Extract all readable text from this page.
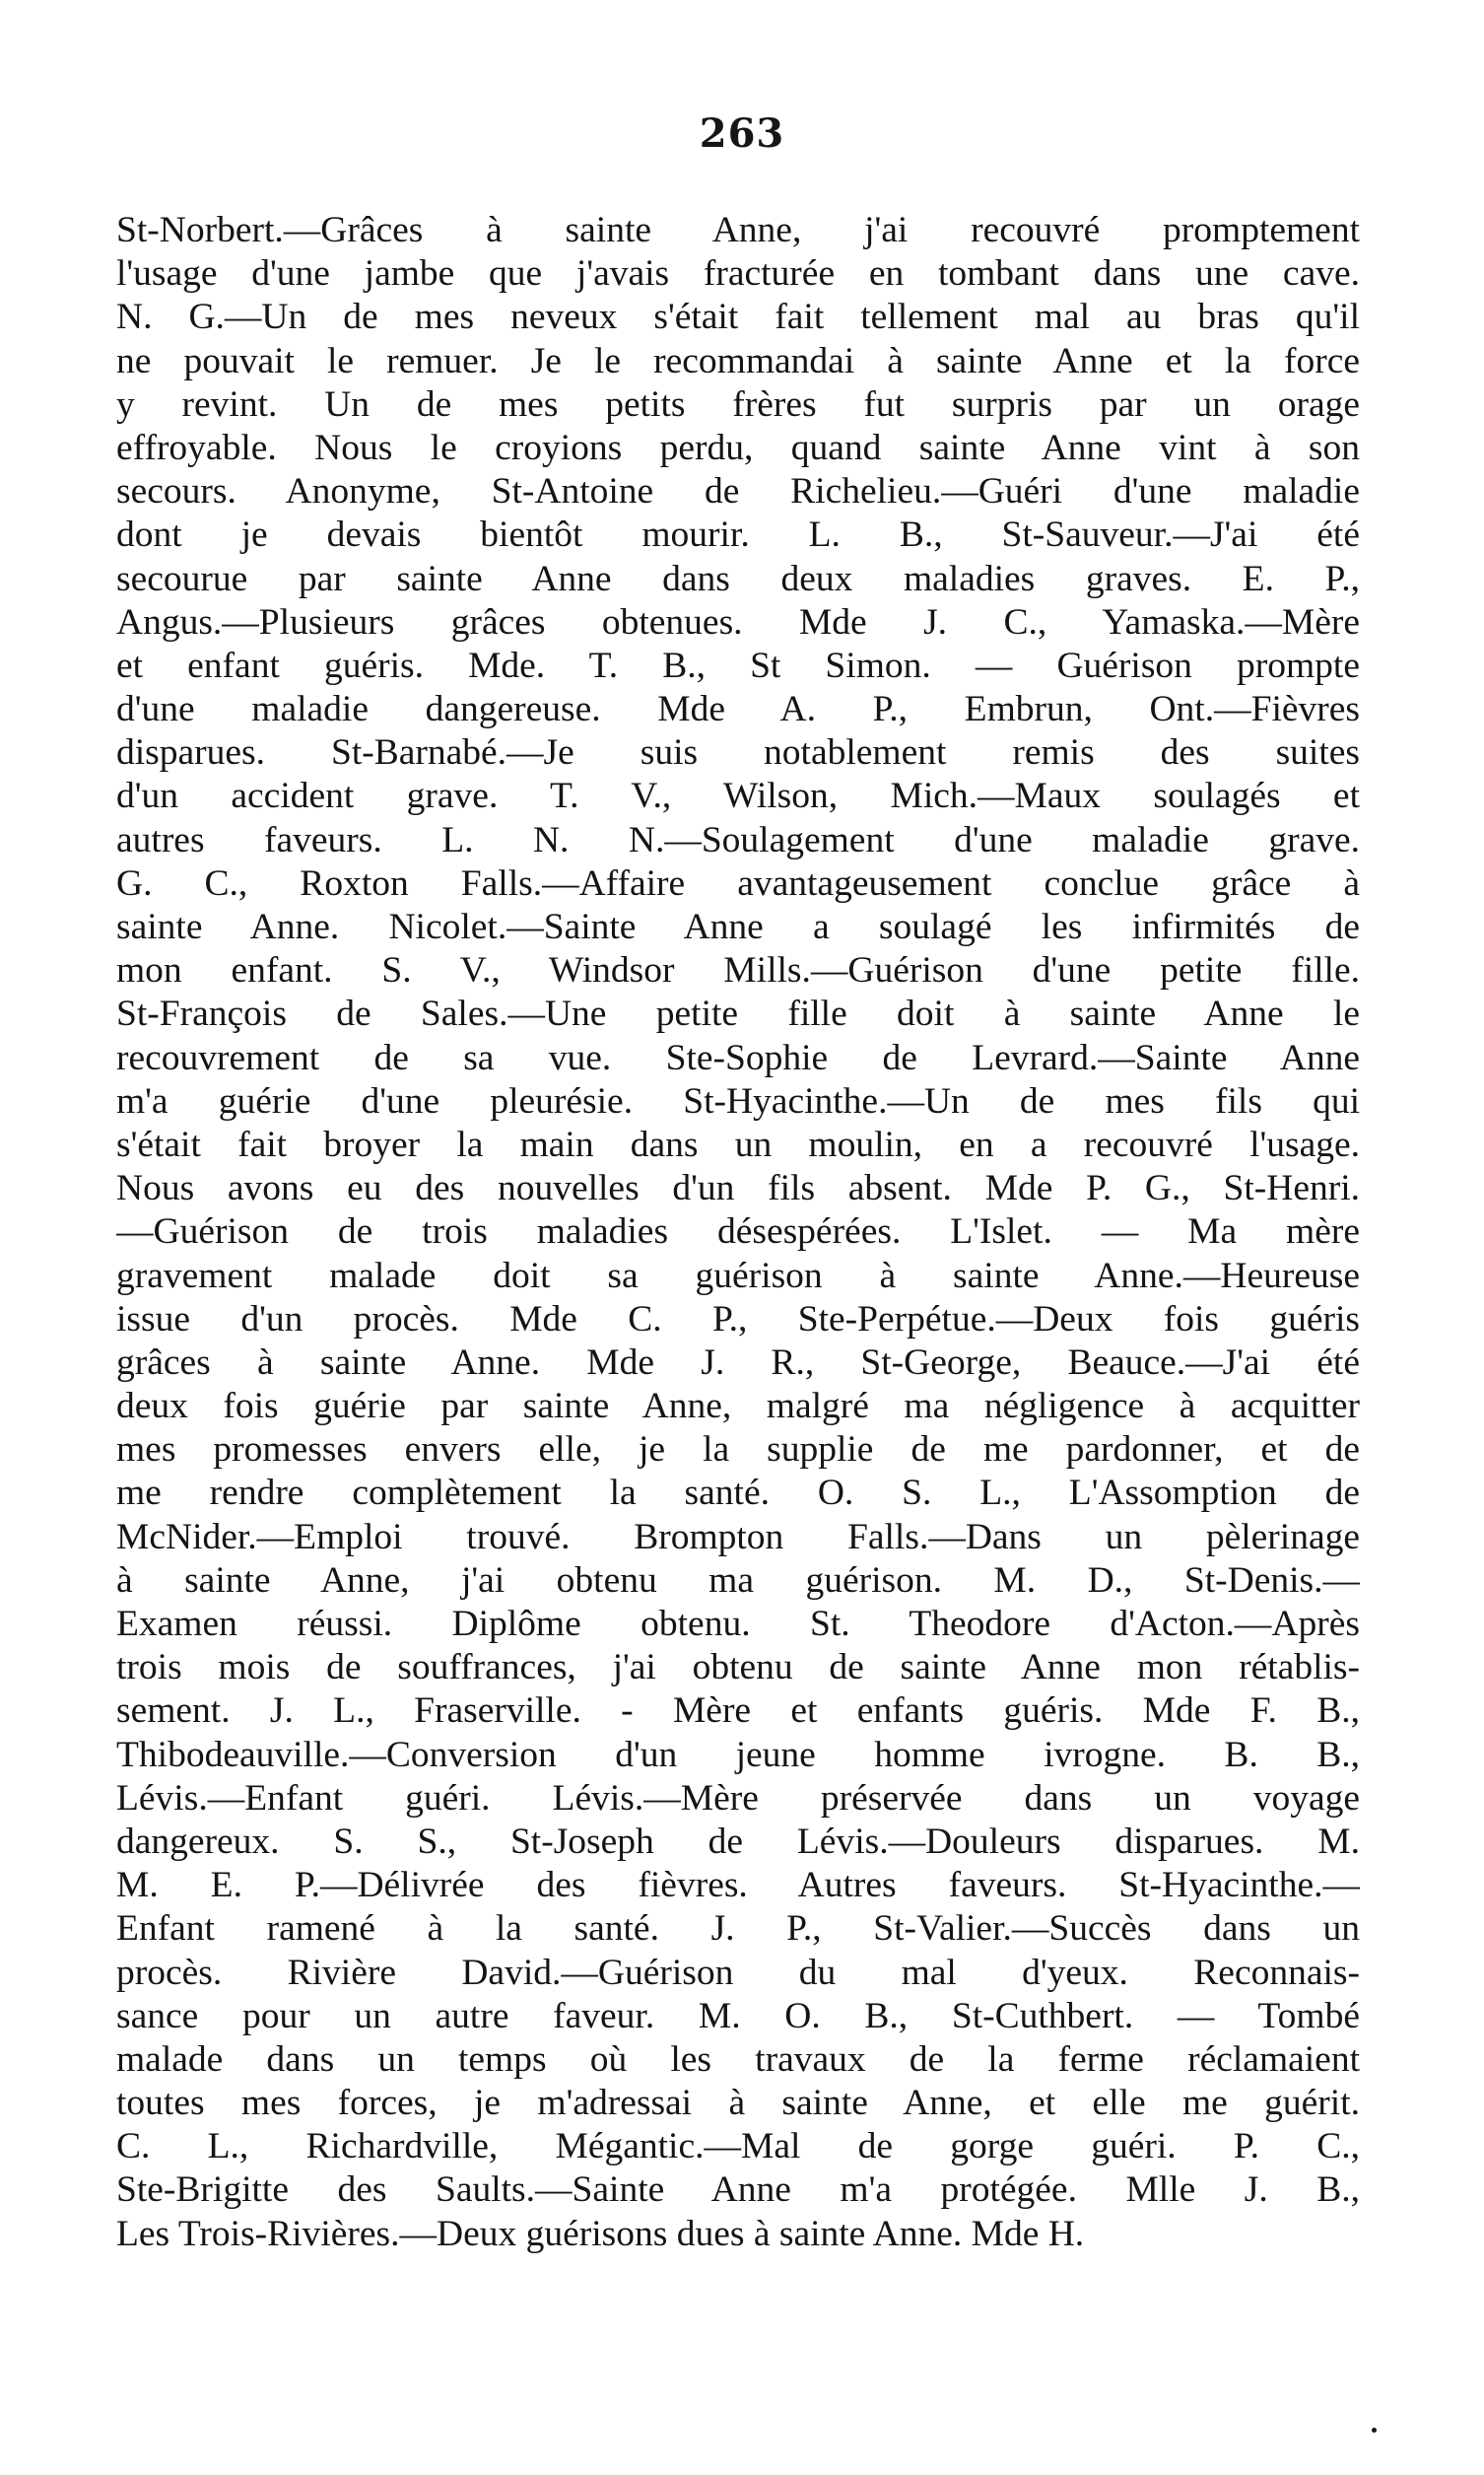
263
St-Norbert.—Grâces à sainte Anne, j'ai recouvré promptement
l'usage d'une jambe que j'avais fracturée en tombant dans une cave.
N. G.—Un de mes neveux s'était fait tellement mal au bras qu'il
ne pouvait le remuer. Je le recommandai à sainte Anne et la force
y revint. Un de mes petits frères fut surpris par un orage
effroyable. Nous le croyions perdu, quand sainte Anne vint à son
secours. Anonyme, St-Antoine de Richelieu.—Guéri d'une maladie
dont je devais bientôt mourir. L. B., St-Sauveur.—J'ai été
secourue par sainte Anne dans deux maladies graves. E. P.,
Angus.—Plusieurs grâces obtenues. Mde J. C., Yamaska.—Mère
et enfant guéris. Mde. T. B., St Simon. — Guérison prompte
d'une maladie dangereuse. Mde A. P., Embrun, Ont.—Fièvres
disparues. St-Barnabé.—Je suis notablement remis des suites
d'un accident grave. T. V., Wilson, Mich.—Maux soulagés et
autres faveurs. L. N. N.—Soulagement d'une maladie grave.
G. C., Roxton Falls.—Affaire avantageusement conclue grâce à
sainte Anne. Nicolet.—Sainte Anne a soulagé les infirmités de
mon enfant. S. V., Windsor Mills.—Guérison d'une petite fille.
St-François de Sales.—Une petite fille doit à sainte Anne le
recouvrement de sa vue. Ste-Sophie de Levrard.—Sainte Anne
m'a guérie d'une pleurésie. St-Hyacinthe.—Un de mes fils qui
s'était fait broyer la main dans un moulin, en a recouvré l'usage.
Nous avons eu des nouvelles d'un fils absent. Mde P. G., St-Henri.
—Guérison de trois maladies désespérées. L'Islet. — Ma mère
gravement malade doit sa guérison à sainte Anne.—Heureuse
issue d'un procès. Mde C. P., Ste-Perpétue.—Deux fois guéris
grâces à sainte Anne. Mde J. R., St-George, Beauce.—J'ai été
deux fois guérie par sainte Anne, malgré ma négligence à acquitter
mes promesses envers elle, je la supplie de me pardonner, et de
me rendre complètement la santé. O. S. L., L'Assomption de
McNider.—Emploi trouvé. Brompton Falls.—Dans un pèlerinage
à sainte Anne, j'ai obtenu ma guérison. M. D., St-Denis.—
Examen réussi. Diplôme obtenu. St. Theodore d'Acton.—Après
trois mois de souffrances, j'ai obtenu de sainte Anne mon rétablis-
sement. J. L., Fraserville. - Mère et enfants guéris. Mde F. B.,
Thibodeauville.—Conversion d'un jeune homme ivrogne. B. B.,
Lévis.—Enfant guéri. Lévis.—Mère préservée dans un voyage
dangereux. S. S., St-Joseph de Lévis.—Douleurs disparues. M.
M. E. P.—Délivrée des fièvres. Autres faveurs. St-Hyacinthe.—
Enfant ramené à la santé. J. P., St-Valier.—Succès dans un
procès. Rivière David.—Guérison du mal d'yeux. Reconnais-
sance pour un autre faveur. M. O. B., St-Cuthbert. — Tombé
malade dans un temps où les travaux de la ferme réclamaient
toutes mes forces, je m'adressai à sainte Anne, et elle me guérit.
C. L., Richardville, Mégantic.—Mal de gorge guéri. P. C.,
Ste-Brigitte des Saults.—Sainte Anne m'a protégée. Mlle J. B.,
Les Trois-Rivières.—Deux guérisons dues à sainte Anne. Mde H.
